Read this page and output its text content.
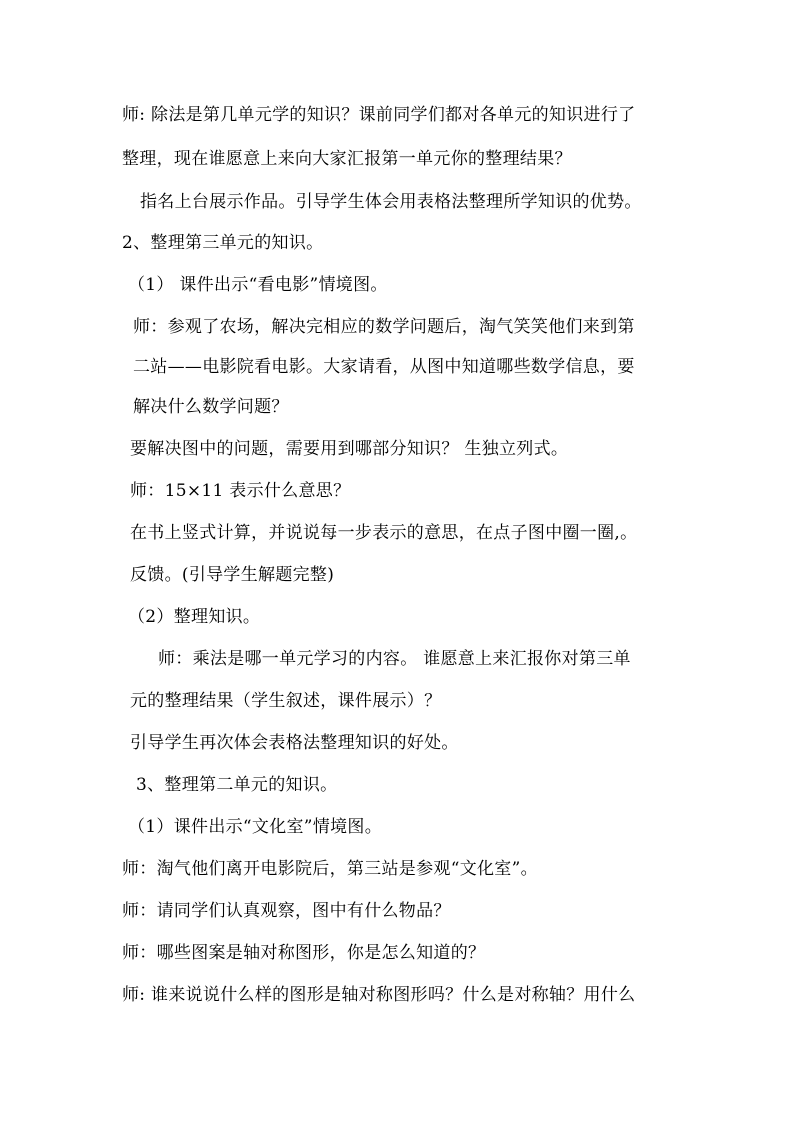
师: 除法是第几单元学的知识？课前同学们都对各单元的知识进行了
整理，现在谁愿意上来向大家汇报第一单元你的整理结果？
指名上台展示作品。引导学生体会用表格法整理所学知识的优势。
2、整理第三单元的知识。
（1） 课件出示“看电影”情境图。
师：参观了农场，解决完相应的数学问题后，淘气笑笑他们来到第
二站——电影院看电影。大家请看，从图中知道哪些数学信息，要
解决什么数学问题？
要解决图中的问题，需要用到哪部分知识？ 生独立列式。
师：15×11 表示什么意思？
在书上竖式计算，并说说每一步表示的意思，在点子图中圈一圈,。
反馈。(引导学生解题完整)
（2）整理知识。
师：乘法是哪一单元学习的内容。 谁愿意上来汇报你对第三单
元的整理结果（学生叙述，课件展示）？
引导学生再次体会表格法整理知识的好处。
3、整理第二单元的知识。
（1）课件出示“文化室”情境图。
师：淘气他们离开电影院后，第三站是参观“文化室”。
师：请同学们认真观察，图中有什么物品？
师：哪些图案是轴对称图形，你是怎么知道的？
师: 谁来说说什么样的图形是轴对称图形吗？什么是对称轴？用什么
